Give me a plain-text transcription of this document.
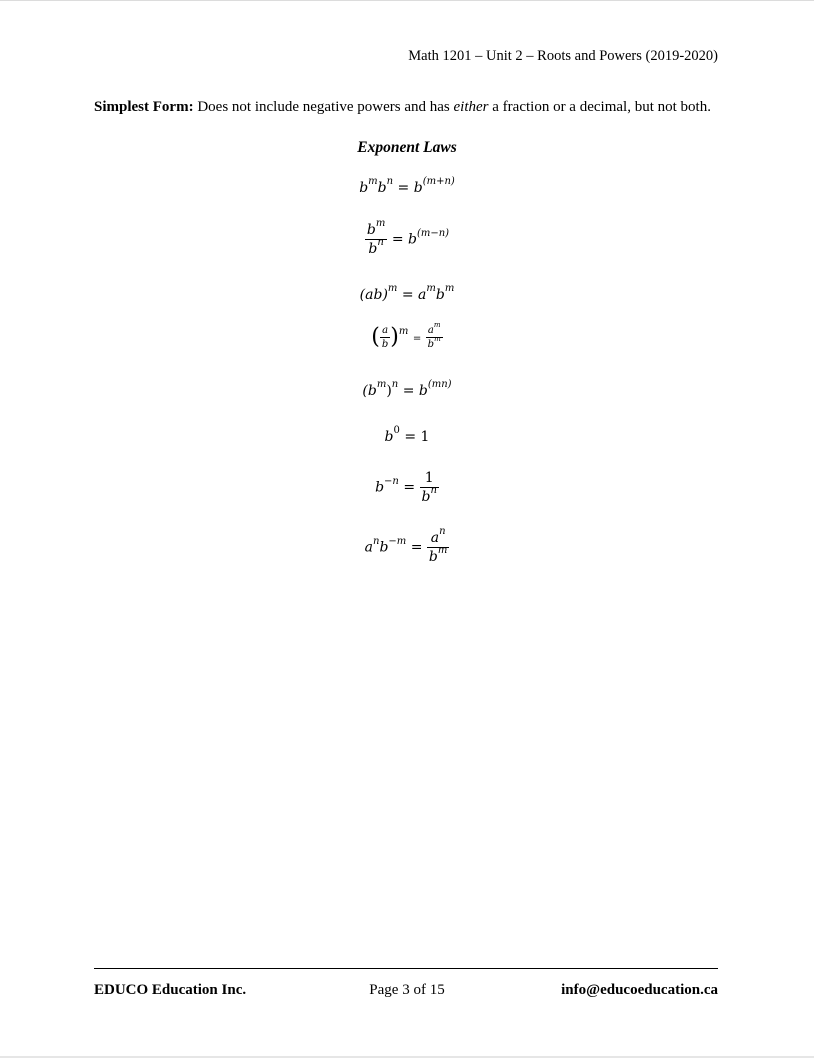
Math 1201 – Unit 2 – Roots and Powers (2019-2020)
Simplest Form: Does not include negative powers and has either a fraction or a decimal, but not both.
Exponent Laws
$b^mb^n = b^{(m+n)}$
$\frac{b^m}{b^n} = b^{(m-n)}$
$(ab)^m = a^mb^m$
( $\frac{a}{b} )^m = \frac{a^m}{b^m}$
$(b^m)^n = b^{(mn)}$
$b^0 = 1$
$b^{-n} = \frac{1}{b^n}$
$a^nb^{-m} = \frac{a^n}{b^m}$
EDUCO Education Inc.	Page 3 of 15	info@educoeducation.ca
